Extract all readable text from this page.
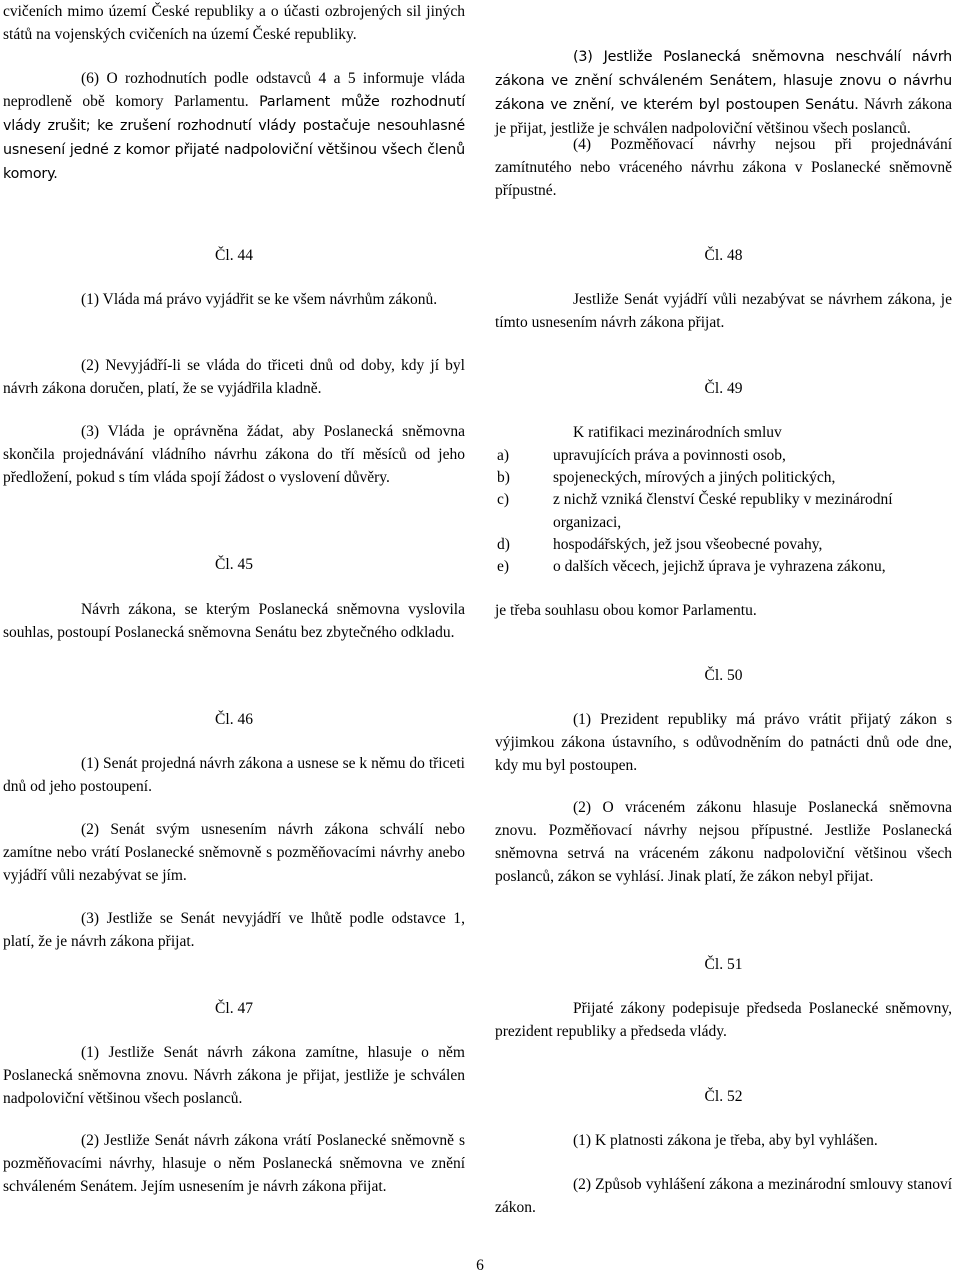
cvičeních mimo území České republiky a o účasti ozbrojených sil jiných států na vojenských cvičeních na území České republiky.

(6) O rozhodnutích podle odstavců 4 a 5 informuje vláda neprodleně obě komory Parlamentu. Parlament může rozhodnutí vlády zrušit; ke zrušení rozhodnutí vlády postačuje nesouhlasné usnesení jedné z komor přijaté nadpoloviční většinou všech členů komory.

Čl. 44

(1) Vláda má právo vyjádřit se ke všem návrhům zákonů.

(2) Nevyjádří-li se vláda do třiceti dnů od doby, kdy jí byl návrh zákona doručen, platí, že se vyjádřila kladně.

(3) Vláda je oprávněna žádat, aby Poslanecká sněmovna skončila projednávání vládního návrhu zákona do tří měsíců od jeho předložení, pokud s tím vláda spojí žádost o vyslovení důvěry.

Čl. 45

Návrh zákona, se kterým Poslanecká sněmovna vyslovila souhlas, postoupí Poslanecká sněmovna Senátu bez zbytečného odkladu.

Čl. 46

(1) Senát projedná návrh zákona a usnese se k němu do třiceti dnů od jeho postoupení.

(2) Senát svým usnesením návrh zákona schválí nebo zamítne nebo vrátí Poslanecké sněmovně s pozměňovacími návrhy anebo vyjádří vůli nezabývat se jím.

(3) Jestliže se Senát nevyjádří ve lhůtě podle odstavce 1, platí, že je návrh zákona přijat.

Čl. 47

(1) Jestliže Senát návrh zákona zamítne, hlasuje o něm Poslanecká sněmovna znovu. Návrh zákona je přijat, jestliže je schválen nadpoloviční většinou všech poslanců.

(2) Jestliže Senát návrh zákona vrátí Poslanecké sněmovně s pozměňovacími návrhy, hlasuje o něm Poslanecká sněmovna ve znění schváleném Senátem. Jejím usnesením je návrh zákona přijat.

(3) Jestliže Poslanecká sněmovna neschválí návrh zákona ve znění schváleném Senátem, hlasuje znovu o návrhu zákona ve znění, ve kterém byl postoupen Senátu. Návrh zákona je přijat, jestliže je schválen nadpoloviční většinou všech poslanců.

(4) Pozměňovací návrhy nejsou při projednávání zamítnutého nebo vráceného návrhu zákona v Poslanecké sněmovně přípustné.

Čl. 48

Jestliže Senát vyjádří vůli nezabývat se návrhem zákona, je tímto usnesením návrh zákona přijat.

Čl. 49

K ratifikaci mezinárodních smluv

a)	upravujících práva a povinnosti osob,
b)	spojeneckých, mírových a jiných politických,
c)	z nichž vzniká členství České republiky v mezinárodní organizaci,
d)	hospodářských, jež jsou všeobecné povahy,
e)	o dalších věcech, jejichž úprava je vyhrazena zákonu,

je třeba souhlasu obou komor Parlamentu.

Čl. 50

(1) Prezident republiky má právo vrátit přijatý zákon s výjimkou zákona ústavního, s odůvodněním do patnácti dnů ode dne, kdy mu byl postoupen.

(2) O vráceném zákonu hlasuje Poslanecká sněmovna znovu. Pozměňovací návrhy nejsou přípustné. Jestliže Poslanecká sněmovna setrvá na vráceném zákonu nadpoloviční většinou všech poslanců, zákon se vyhlásí. Jinak platí, že zákon nebyl přijat.

Čl. 51

Přijaté zákony podepisuje předseda Poslanecké sněmovny, prezident republiky a předseda vlády.

Čl. 52

(1) K platnosti zákona je třeba, aby byl vyhlášen.

(2) Způsob vyhlášení zákona a mezinárodní smlouvy stanoví zákon.

6
